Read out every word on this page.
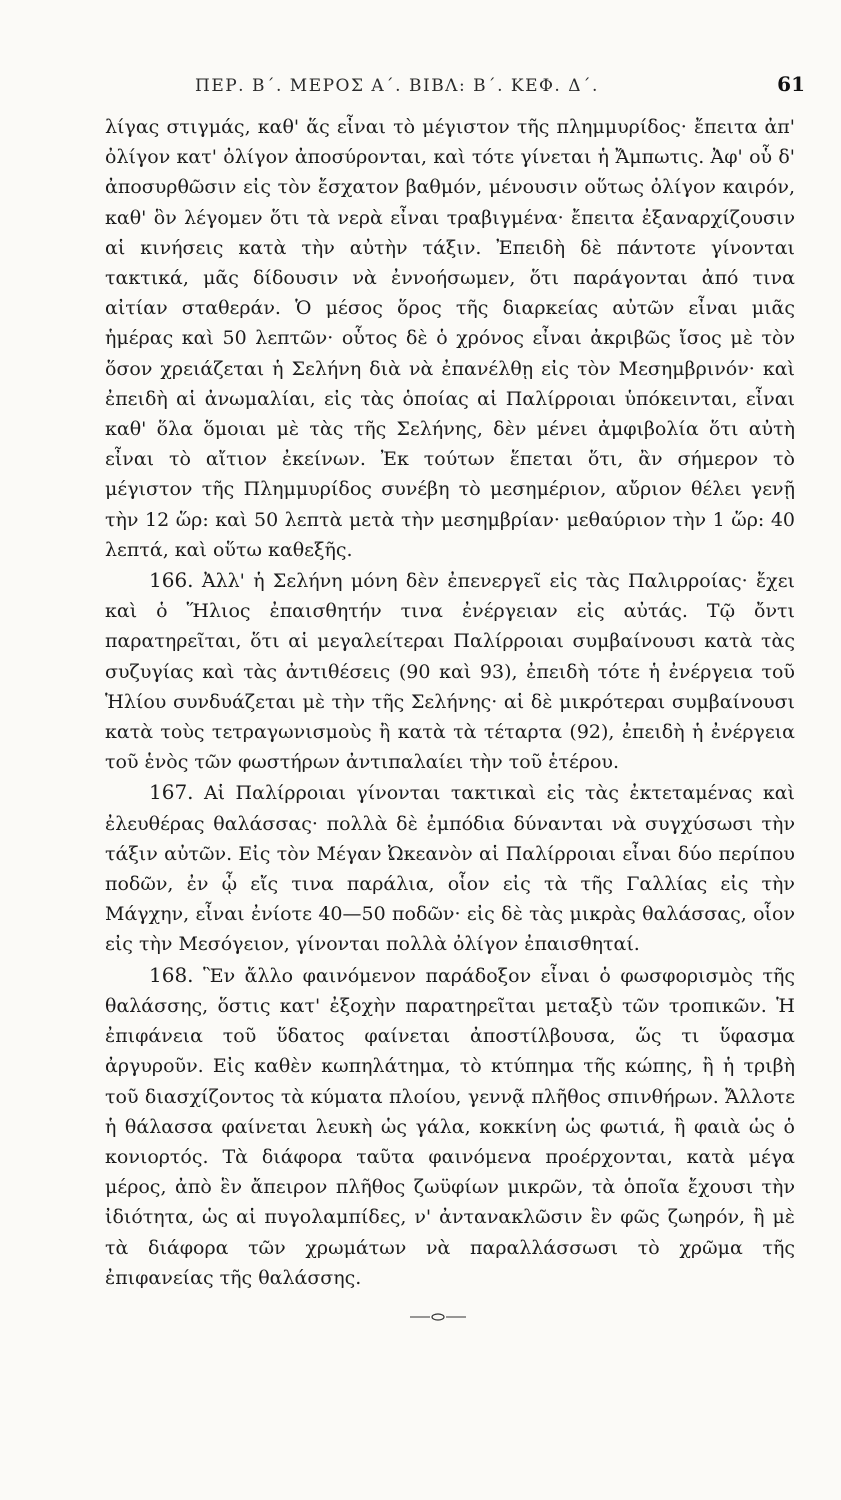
ΠΕΡ. Β΄. ΜΕΡΟΣ Α΄. ΒΙΒΛ: Β΄. ΚΕΦ. Δ΄.	61

λίγας στιγμάς, καθ' ἅς εἶναι τὸ μέγιστον τῆς πλημμυρίδος· ἔπειτα ἀπ' ὀλίγον κατ' ὀλίγον ἀποσύρονται, καὶ τότε γίνεται ἡ Ἄμπωτις. Ἀφ' οὗ δ' ἀποσυρθῶσιν εἰς τὸν ἔσχατον βαθμόν, μένουσιν οὕτως ὀλίγον καιρόν, καθ' ὃν λέγομεν ὅτι τὰ νερὰ εἶναι τραβιγμένα· ἔπειτα ἐξαναρχίζουσιν αἱ κινήσεις κατὰ τὴν αὐτὴν τάξιν. Ἐπειδὴ δὲ πάντοτε γίνονται τακτικά, μᾶς δίδουσιν νὰ ἐννοήσωμεν, ὅτι παράγονται ἀπό τινα αἰτίαν σταθεράν. Ὁ μέσος ὅρος τῆς διαρκείας αὐτῶν εἶναι μιᾶς ἡμέρας καὶ 50 λεπτῶν· οὗτος δὲ ὁ χρόνος εἶναι ἀκριβῶς ἴσος μὲ τὸν ὅσον χρειάζεται ἡ Σελήνη διὰ νὰ ἐπανέλθῃ εἰς τὸν Μεσημβρινόν· καὶ ἐπειδὴ αἱ ἀνωμαλίαι, εἰς τὰς ὁποίας αἱ Παλίρροιαι ὑπόκεινται, εἶναι καθ' ὅλα ὅμοιαι μὲ τὰς τῆς Σελήνης, δὲν μένει ἀμφιβολία ὅτι αὐτὴ εἶναι τὸ αἴτιον ἐκείνων. Ἐκ τούτων ἕπεται ὅτι, ἂν σήμερον τὸ μέγιστον τῆς Πλημμυρίδος συνέβη τὸ μεσημέριον, αὔριον θέλει γενῇ τὴν 12 ὥρ: καὶ 50 λεπτὰ μετὰ τὴν μεσημβρίαν· μεθαύριον τὴν 1 ὥρ: 40 λεπτά, καὶ οὕτω καθεξῆς.

166. Ἀλλ' ἡ Σελήνη μόνη δὲν ἐπενεργεῖ εἰς τὰς Παλιρροίας· ἔχει καὶ ὁ Ἥλιος ἐπαισθητήν τινα ἐνέργειαν εἰς αὐτάς. Τῷ ὄντι παρατηρεῖται, ὅτι αἱ μεγαλείτεραι Παλίρροιαι συμβαίνουσι κατὰ τὰς συζυγίας καὶ τὰς ἀντιθέσεις (90 καὶ 93), ἐπειδὴ τότε ἡ ἐνέργεια τοῦ Ἡλίου συνδυάζεται μὲ τὴν τῆς Σελήνης· αἱ δὲ μικρότεραι συμβαίνουσι κατὰ τοὺς τετραγωνισμοὺς ἢ κατὰ τὰ τέταρτα (92), ἐπειδὴ ἡ ἐνέργεια τοῦ ἑνὸς τῶν φωστήρων ἀντιπαλαίει τὴν τοῦ ἑτέρου.

167. Αἱ Παλίρροιαι γίνονται τακτικαὶ εἰς τὰς ἐκτεταμένας καὶ ἐλευθέρας θαλάσσας· πολλὰ δὲ ἐμπόδια δύνανται νὰ συγχύσωσι τὴν τάξιν αὐτῶν. Εἰς τὸν Μέγαν Ὠκεανὸν αἱ Παλίρροιαι εἶναι δύο περίπου ποδῶν, ἐν ᾧ εἴς τινα παράλια, οἷον εἰς τὰ τῆς Γαλλίας εἰς τὴν Μάγχην, εἶναι ἐνίοτε 40—50 ποδῶν· εἰς δὲ τὰς μικρὰς θαλάσσας, οἷον εἰς τὴν Μεσόγειον, γίνονται πολλὰ ὀλίγον ἐπαισθηταί.

168. Ἓν ἄλλο φαινόμενον παράδοξον εἶναι ὁ φωσφορισμὸς τῆς θαλάσσης, ὅστις κατ' ἐξοχὴν παρατηρεῖται μεταξὺ τῶν τροπικῶν. Ἡ ἐπιφάνεια τοῦ ὕδατος φαίνεται ἀποστίλβουσα, ὥς τι ὕφασμα ἀργυροῦν. Εἰς καθὲν κωπηλάτημα, τὸ κτύπημα τῆς κώπης, ἢ ἡ τριβὴ τοῦ διασχίζοντος τὰ κύματα πλοίου, γεννᾷ πλῆθος σπινθήρων. Ἄλλοτε ἡ θάλασσα φαίνεται λευκὴ ὡς γάλα, κοκκίνη ὡς φωτιά, ἢ φαιὰ ὡς ὁ κονιορτός. Τὰ διάφορα ταῦτα φαινόμενα προέρχονται, κατὰ μέγα μέρος, ἀπὸ ἓν ἄπειρον πλῆθος ζωϋφίων μικρῶν, τὰ ὁποῖα ἔχουσι τὴν ἰδιότητα, ὡς αἱ πυγολαμπίδες, ν' ἀντανακλῶσιν ἓν φῶς ζωηρόν, ἢ μὲ τὰ διάφορα τῶν χρωμάτων νὰ παραλλάσσωσι τὸ χρῶμα τῆς ἐπιφανείας τῆς θαλάσσης.
